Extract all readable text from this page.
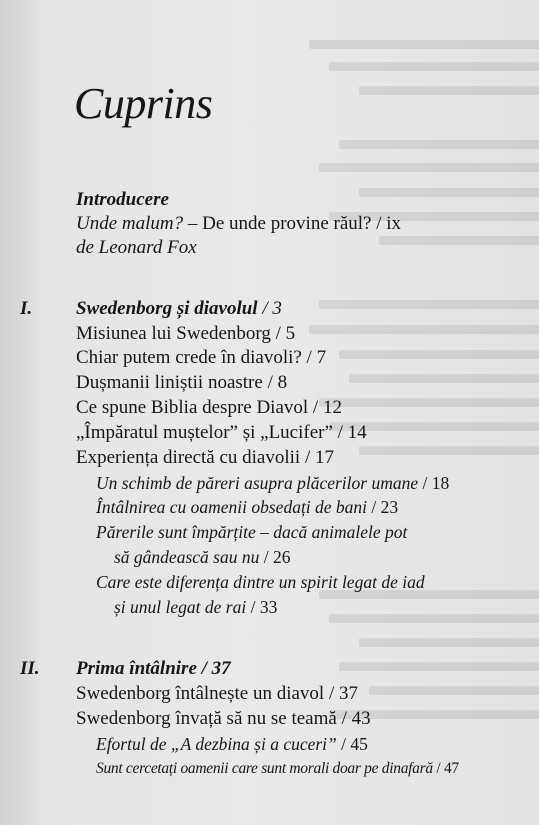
Cuprins
Introducere
Unde malum? – De unde provine răul? / ix
de Leonard Fox
I. Swedenborg și diavolul / 3
Misiunea lui Swedenborg / 5
Chiar putem crede în diavoli? / 7
Dușmanii liniștii noastre / 8
Ce spune Biblia despre Diavol / 12
„Împăratul muștelor” și „Lucifer” / 14
Experiența directă cu diavolii / 17
Un schimb de păreri asupra plăcerilor umane / 18
Întâlnirea cu oamenii obsedați de bani / 23
Părerile sunt împărțite – dacă animalele pot
să gândească sau nu / 26
Care este diferența dintre un spirit legat de iad
și unul legat de rai / 33
II. Prima întâlnire / 37
Swedenborg întâlnește un diavol / 37
Swedenborg învață să nu se teamă / 43
Efortul de „A dezbina și a cuceri” / 45
Sunt cercetați oamenii care sunt morali doar pe dinafară / 47
